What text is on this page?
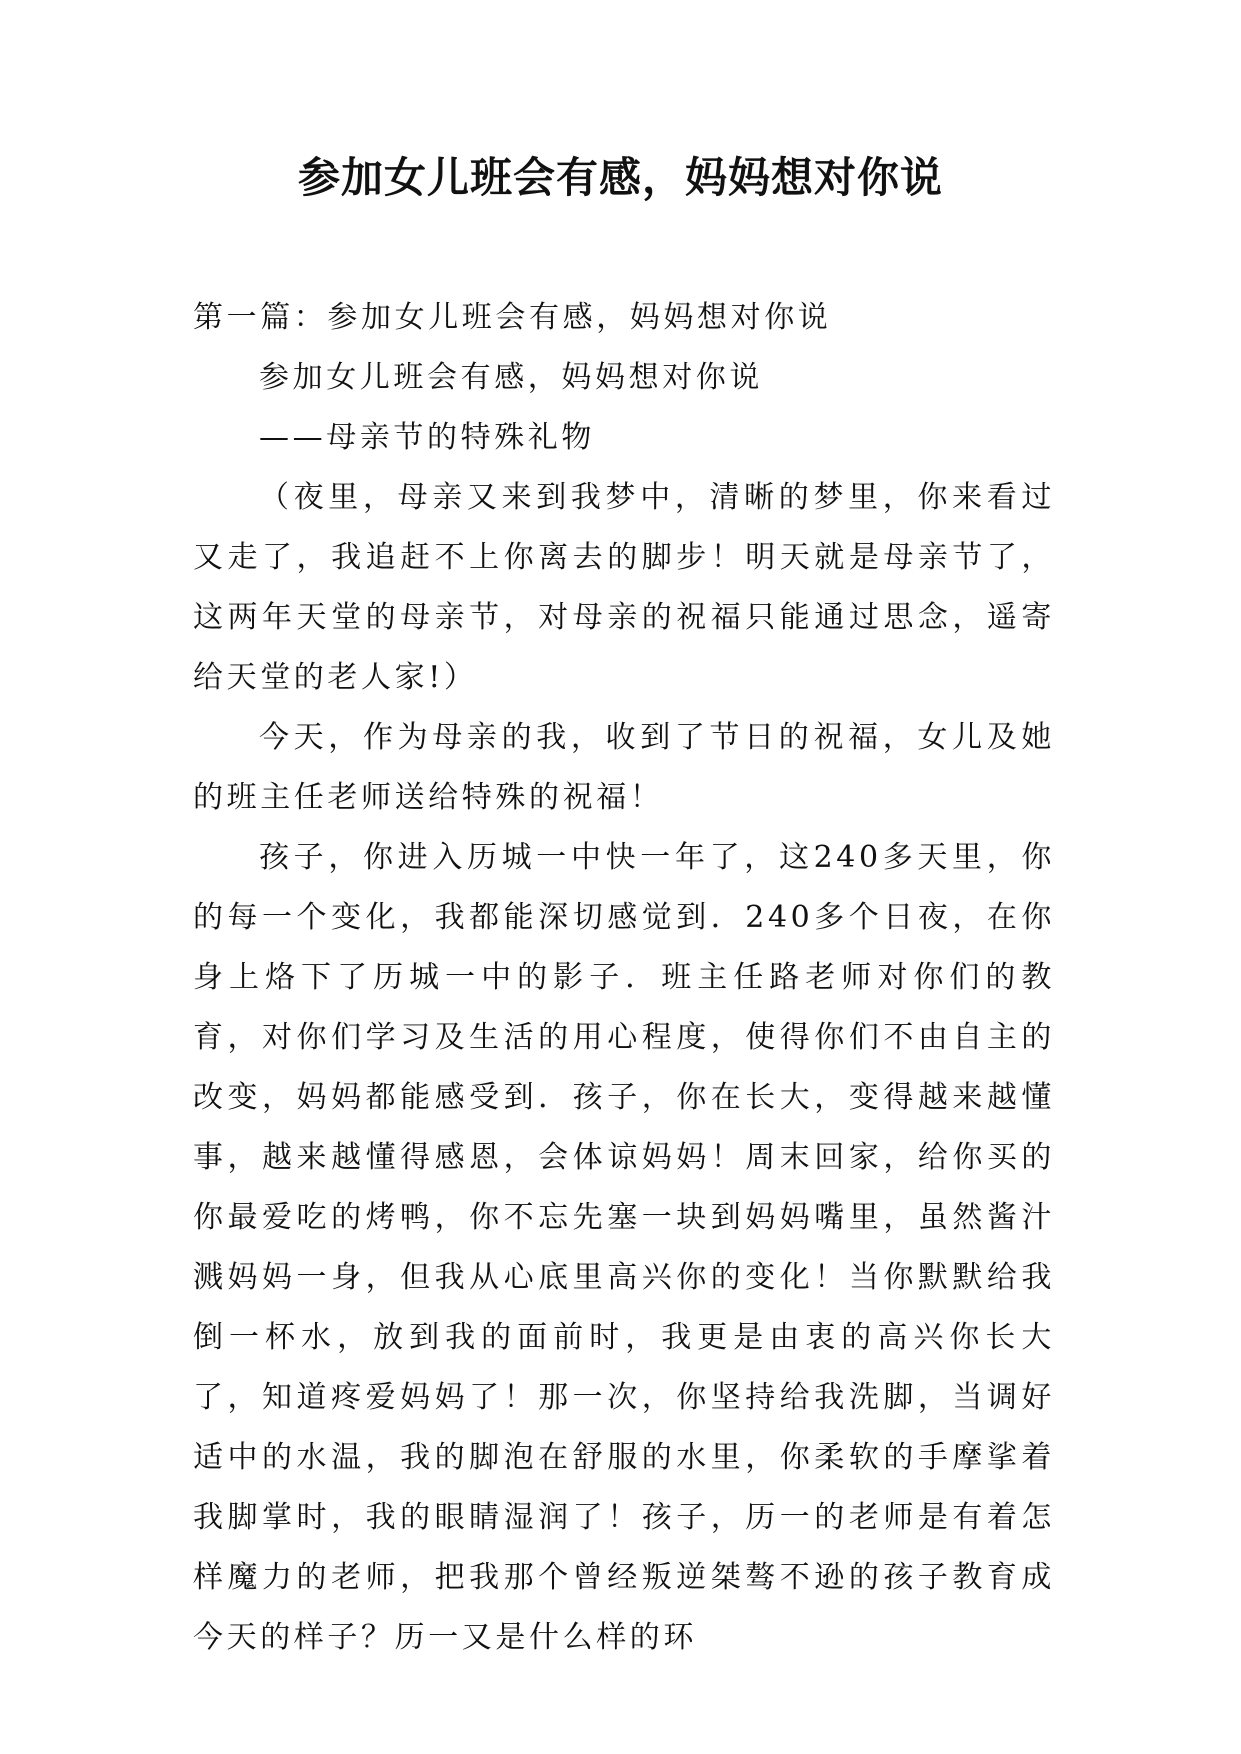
参加女儿班会有感，妈妈想对你说

第一篇：参加女儿班会有感，妈妈想对你说

参加女儿班会有感，妈妈想对你说

——母亲节的特殊礼物

（夜里，母亲又来到我梦中，清晰的梦里，你来看过又走了，我追赶不上你离去的脚步！明天就是母亲节了，这两年天堂的母亲节，对母亲的祝福只能通过思念，遥寄给天堂的老人家!）

今天，作为母亲的我，收到了节日的祝福，女儿及她的班主任老师送给特殊的祝福！

孩子，你进入历城一中快一年了，这240多天里，你的每一个变化，我都能深切感觉到．240多个日夜，在你身上烙下了历城一中的影子．班主任路老师对你们的教育，对你们学习及生活的用心程度，使得你们不由自主的改变，妈妈都能感受到．孩子，你在长大，变得越来越懂事，越来越懂得感恩，会体谅妈妈！周末回家，给你买的你最爱吃的烤鸭，你不忘先塞一块到妈妈嘴里，虽然酱汁溅妈妈一身，但我从心底里高兴你的变化！当你默默给我倒一杯水，放到我的面前时，我更是由衷的高兴你长大了，知道疼爱妈妈了！那一次，你坚持给我洗脚，当调好适中的水温，我的脚泡在舒服的水里，你柔软的手摩挲着我脚掌时，我的眼睛湿润了！孩子，历一的老师是有着怎样魔力的老师，把我那个曾经叛逆桀骜不逊的孩子教育成今天的样子？历一又是什么样的环
